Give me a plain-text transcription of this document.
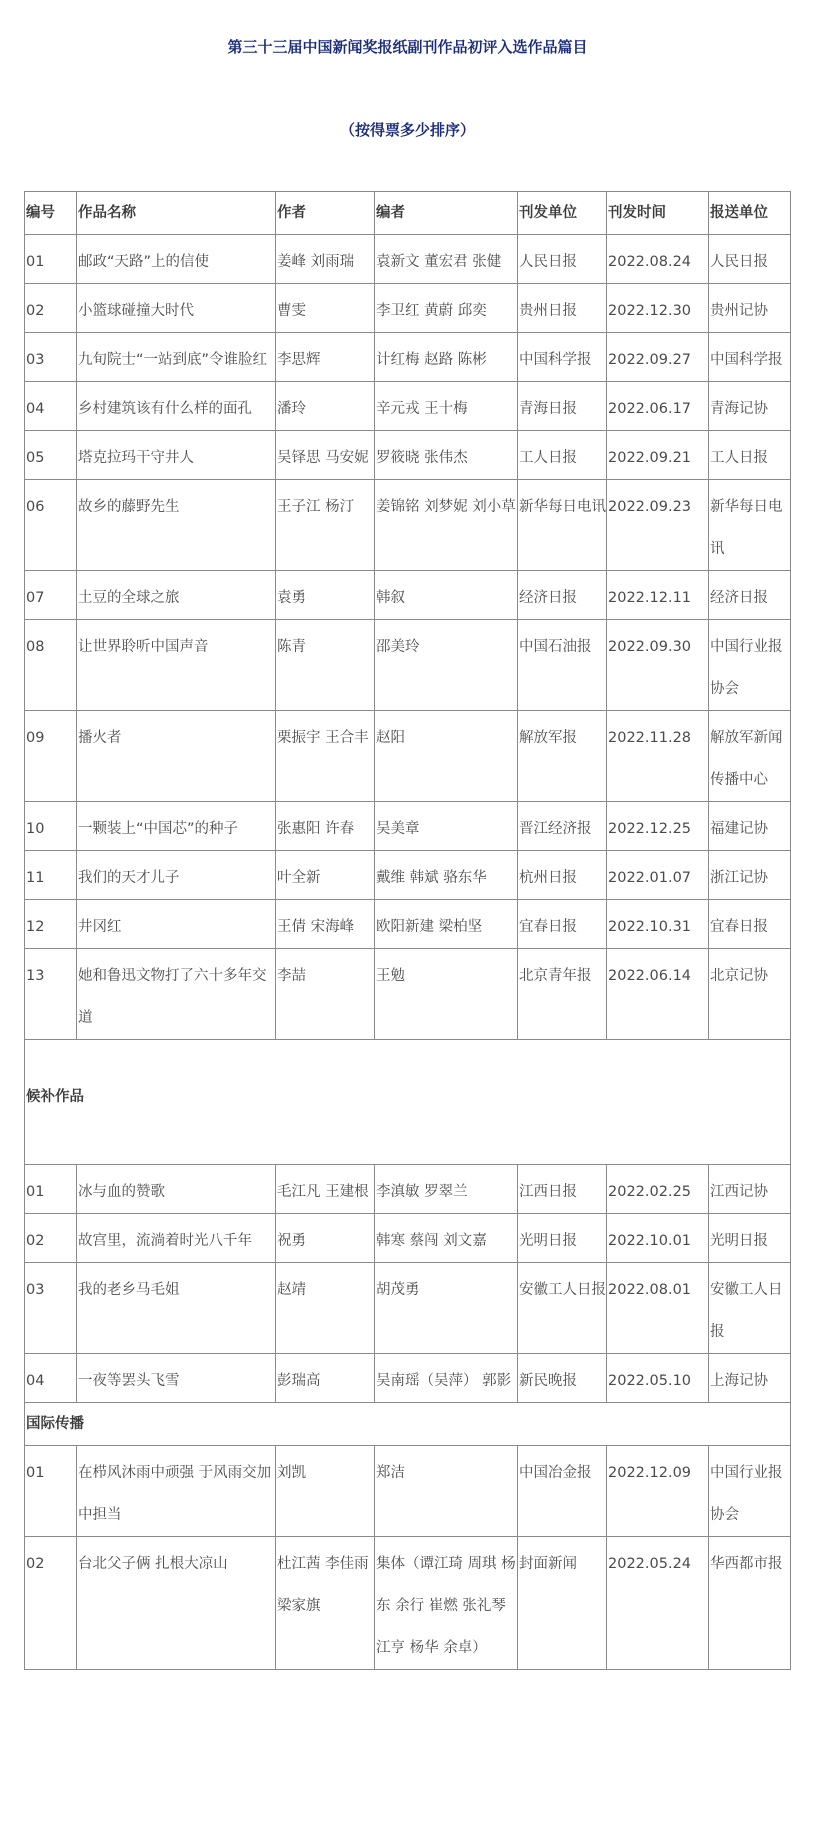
第三十三届中国新闻奖报纸副刊作品初评入选作品篇目
（按得票多少排序）
编号	作品名称	作者	编者	刊发单位	刊发时间	报送单位
01	邮政“天路”上的信使	姜峰 刘雨瑞	袁新文 董宏君 张健	人民日报	2022.08.24	人民日报
02	小篮球碰撞大时代	曹雯	李卫红 黄蔚 邱奕	贵州日报	2022.12.30	贵州记协
03	九旬院士“一站到底”令谁脸红	李思辉	计红梅 赵路 陈彬	中国科学报	2022.09.27	中国科学报
04	乡村建筑该有什么样的面孔	潘玲	辛元戎 王十梅	青海日报	2022.06.17	青海记协
05	塔克拉玛干守井人	吴铎思 马安妮	罗筱晓 张伟杰	工人日报	2022.09.21	工人日报
06	故乡的藤野先生	王子江 杨汀	姜锦铭 刘梦妮 刘小草	新华每日电讯	2022.09.23	新华每日电讯
07	土豆的全球之旅	袁勇	韩叙	经济日报	2022.12.11	经济日报
08	让世界聆听中国声音	陈青	邵美玲	中国石油报	2022.09.30	中国行业报协会
09	播火者	栗振宇 王合丰	赵阳	解放军报	2022.11.28	解放军新闻传播中心
10	一颗装上“中国芯”的种子	张惠阳 许春	吴美章	晋江经济报	2022.12.25	福建记协
11	我们的天才儿子	叶全新	戴维 韩斌 骆东华	杭州日报	2022.01.07	浙江记协
12	井冈红	王倩 宋海峰	欧阳新建 梁柏坚	宜春日报	2022.10.31	宜春日报
13	她和鲁迅文物打了六十多年交道	李喆	王勉	北京青年报	2022.06.14	北京记协
候补作品						
01	冰与血的赞歌	毛江凡 王建根	李滇敏 罗翠兰	江西日报	2022.02.25	江西记协
02	故宫里，流淌着时光八千年	祝勇	韩寒 蔡闯 刘文嘉	光明日报	2022.10.01	光明日报
03	我的老乡马毛姐	赵靖	胡茂勇	安徽工人日报	2022.08.01	安徽工人日报
04	一夜等罢头飞雪	彭瑞高	吴南瑶（吴萍） 郭影	新民晚报	2022.05.10	上海记协
国际传播						
01	在栉风沐雨中顽强 于风雨交加中担当	刘凯	郑洁	中国冶金报	2022.12.09	中国行业报协会
02	台北父子俩 扎根大凉山	杜江茜 李佳雨 梁家旗	集体（谭江琦 周琪 杨东 余行 崔燃 张礼琴 江亨 杨华 余卓）	封面新闻	2022.05.24	华西都市报
